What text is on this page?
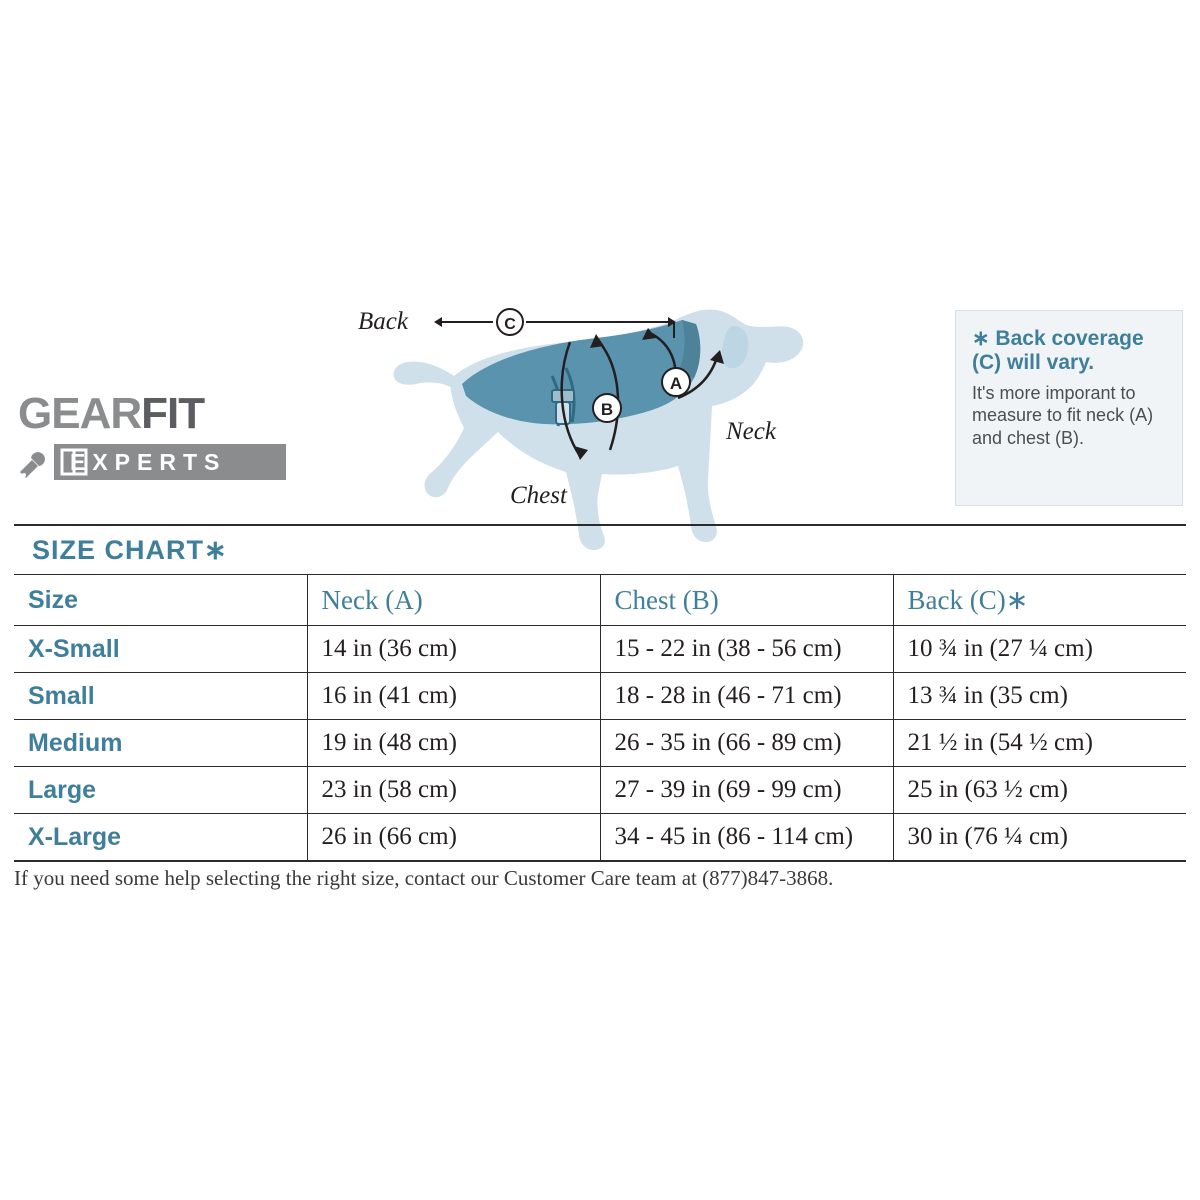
GEARFIT
EXPERTS
C
A
B
Back
Neck
Chest
∗ Back coverage (C) will vary.
It's more imporant to measure to fit neck (A) and chest (B).
SIZE CHART∗			
Size	Neck (A)	Chest (B)	Back (C)∗
X-Small	14 in (36 cm)	15 - 22 in (38 - 56 cm)	10 ¾ in (27 ¼ cm)
Small	16 in (41 cm)	18 - 28 in (46 - 71 cm)	13 ¾ in (35 cm)
Medium	19 in (48 cm)	26 - 35 in (66 - 89 cm)	21 ½ in (54 ½ cm)
Large	23 in (58 cm)	27 - 39 in (69 - 99 cm)	25 in (63 ½ cm)
X-Large	26 in (66 cm)	34 - 45 in (86 - 114 cm)	30 in (76 ¼ cm)
If you need some help selecting the right size, contact our Customer Care team at (877)847-3868.
